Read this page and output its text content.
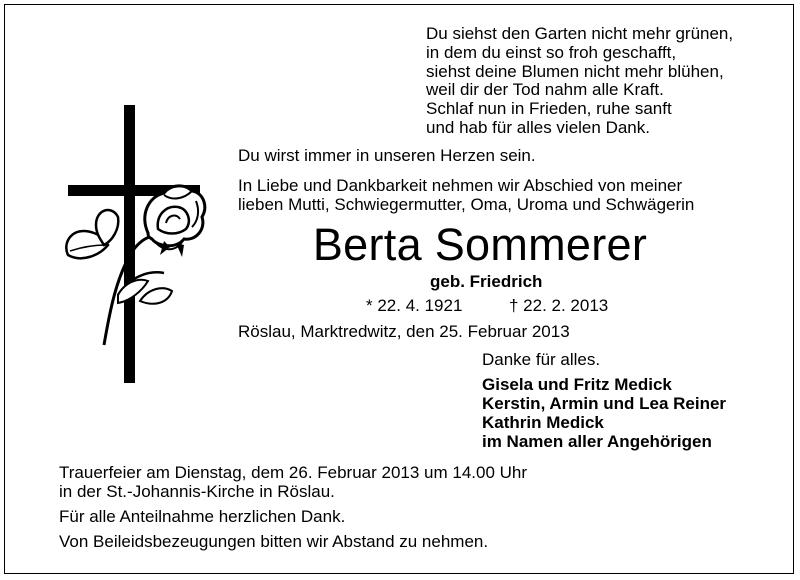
Du siehst den Garten nicht mehr grünen,
in dem du einst so froh geschafft,
siehst deine Blumen nicht mehr blühen,
weil dir der Tod nahm alle Kraft.
Schlaf nun in Frieden, ruhe sanft
und hab für alles vielen Dank.
Du wirst immer in unseren Herzen sein.
In Liebe und Dankbarkeit nehmen wir Abschied von meiner
lieben Mutti, Schwiegermutter, Oma, Uroma und Schwägerin
Berta Sommerer
geb. Friedrich
* 22. 4. 1921	† 22. 2. 2013
Röslau, Marktredwitz, den 25. Februar 2013
Danke für alles.
Gisela und Fritz Medick
Kerstin, Armin und Lea Reiner
Kathrin Medick
im Namen aller Angehörigen
Trauerfeier am Dienstag, dem 26. Februar 2013 um 14.00 Uhr
in der St.-Johannis-Kirche in Röslau.
Für alle Anteilnahme herzlichen Dank.
Von Beileidsbezeugungen bitten wir Abstand zu nehmen.
